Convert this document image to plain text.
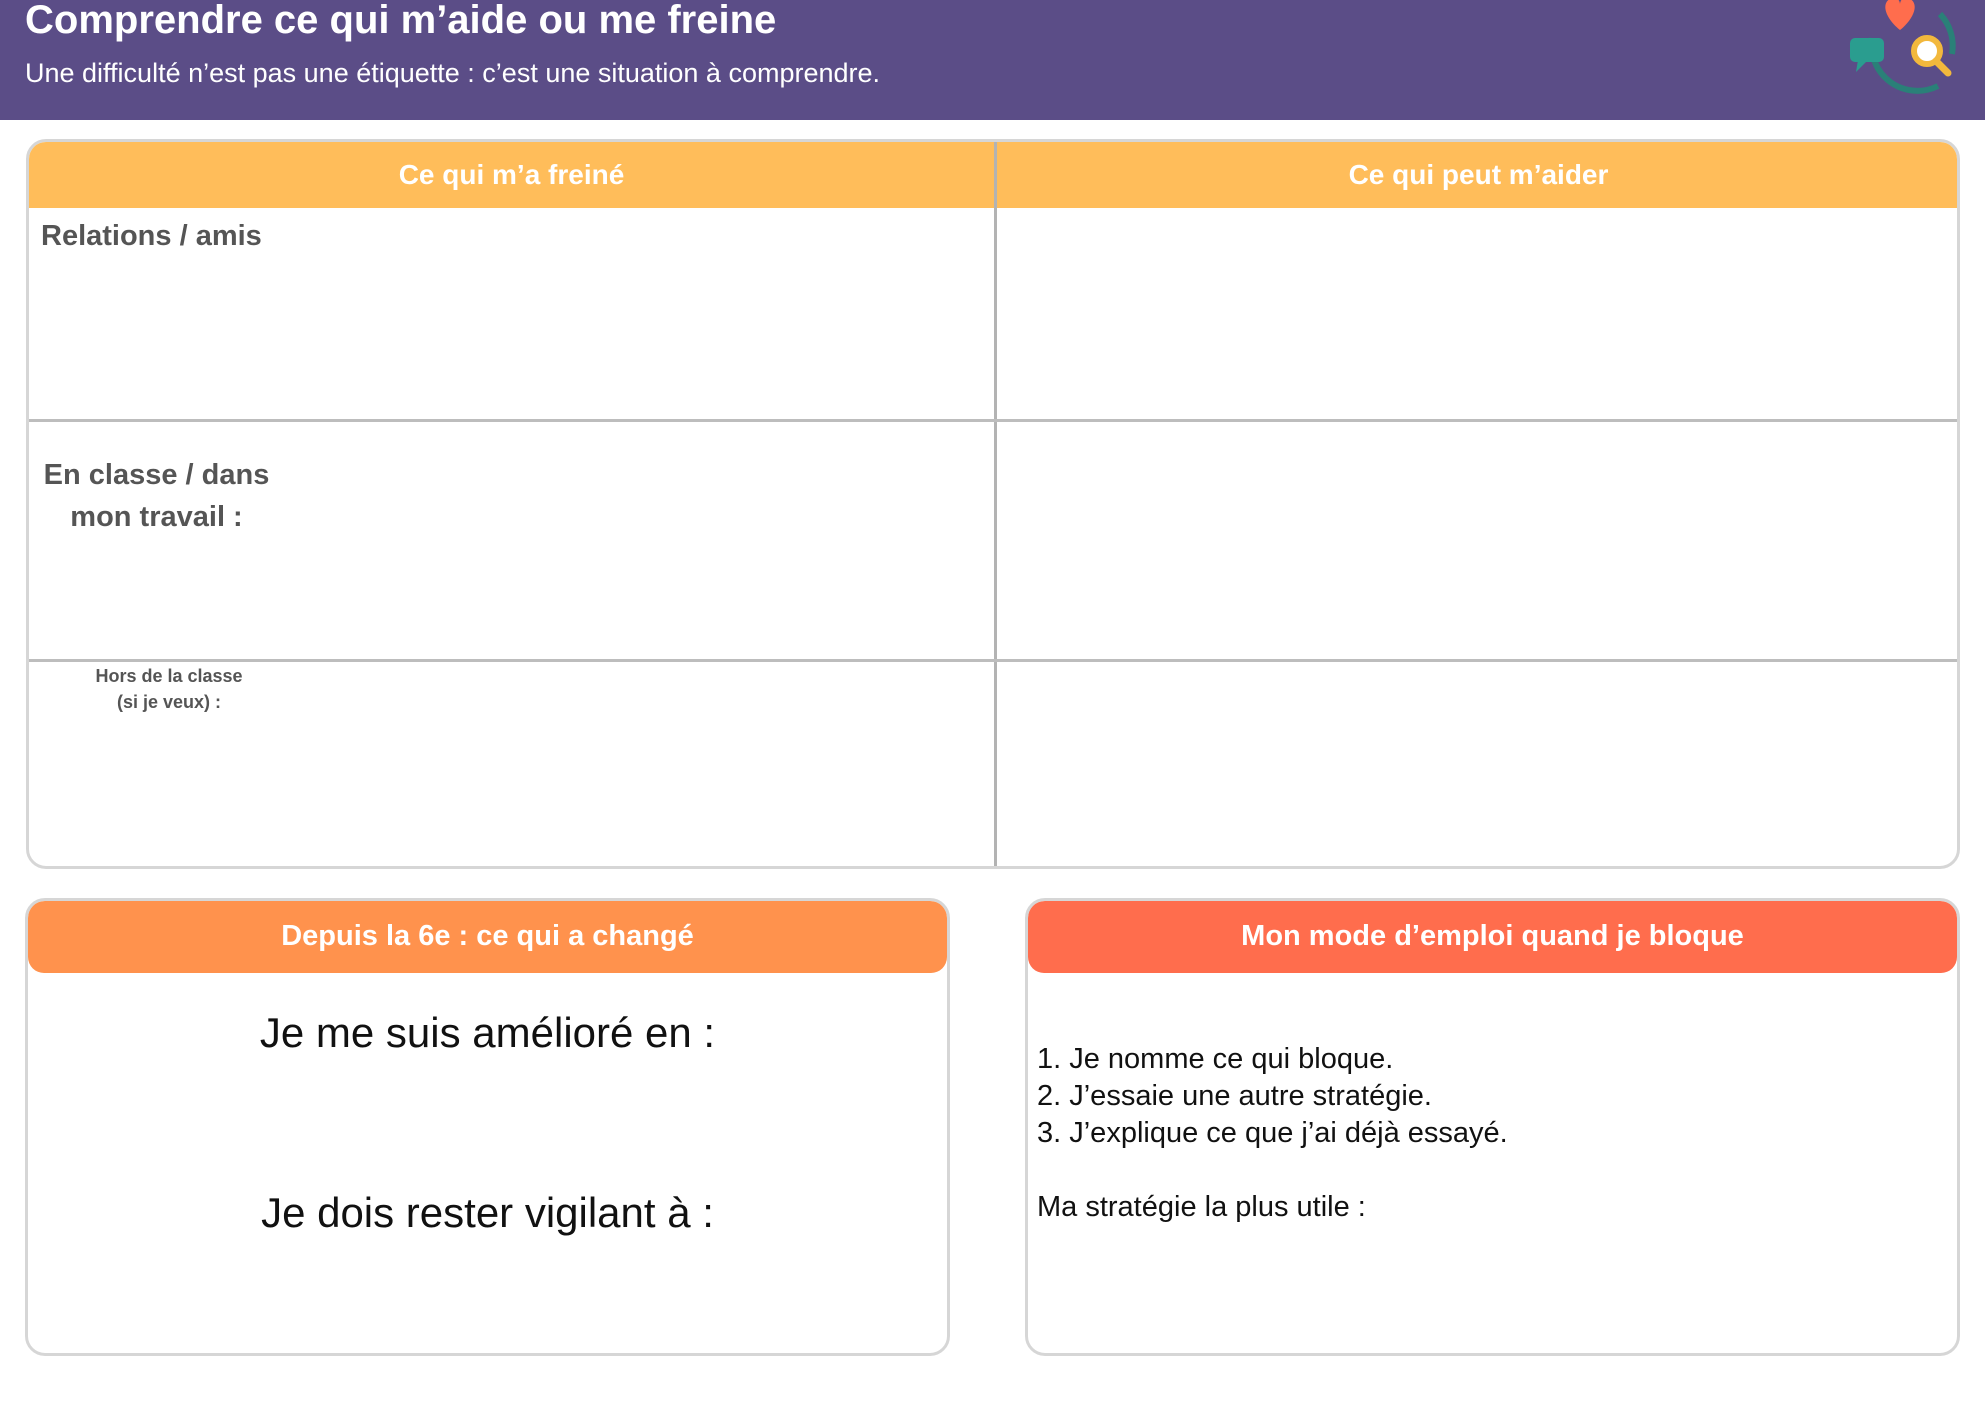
Comprendre ce qui m’aide ou me freine
Une difficulté n’est pas une étiquette : c’est une situation à comprendre.
Ce qui m’a freiné	Ce qui peut m’aider
Relations / amis
En classe / dans
mon travail :
Hors de la classe
(si je veux) :
Depuis la 6e : ce qui a changé
Je me suis amélioré en :
Je dois rester vigilant à :
Mon mode d’emploi quand je bloque
1. Je nomme ce qui bloque.
2. J’essaie une autre stratégie.
3. J’explique ce que j’ai déjà essayé.
Ma stratégie la plus utile :
